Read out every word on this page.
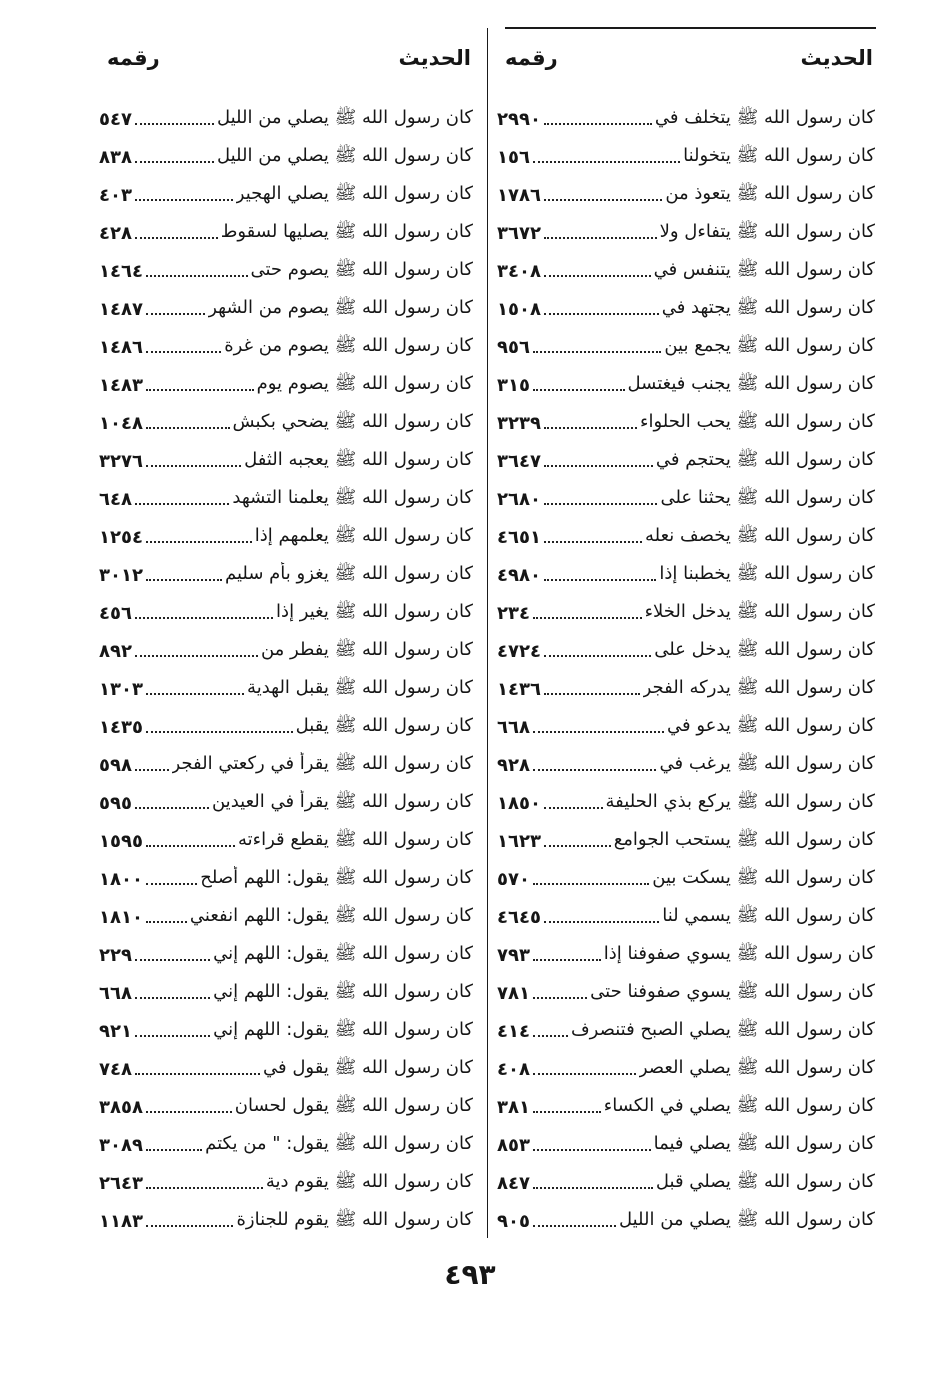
الحديث
رقمه
كان رسول الله ﷺ يتخلف في
٢٩٩٠
كان رسول الله ﷺ يتخولنا
١٥٦
كان رسول الله ﷺ يتعوذ من
١٧٨٦
كان رسول الله ﷺ يتفاءل ولا
٣٦٧٢
كان رسول الله ﷺ يتنفس في
٣٤٠٨
كان رسول الله ﷺ يجتهد في
١٥٠٨
كان رسول الله ﷺ يجمع بين
٩٥٦
كان رسول الله ﷺ يجنب فيغتسل
٣١٥
كان رسول الله ﷺ يحب الحلواء
٣٢٣٩
كان رسول الله ﷺ يحتجم في
٣٦٤٧
كان رسول الله ﷺ يحثنا على
٢٦٨٠
كان رسول الله ﷺ يخصف نعله
٤٦٥١
كان رسول الله ﷺ يخطبنا إذا
٤٩٨٠
كان رسول الله ﷺ يدخل الخلاء
٢٣٤
كان رسول الله ﷺ يدخل على
٤٧٢٤
كان رسول الله ﷺ يدركه الفجر
١٤٣٦
كان رسول الله ﷺ يدعو في
٦٦٨
كان رسول الله ﷺ يرغب في
٩٢٨
كان رسول الله ﷺ يركع بذي الحليفة
١٨٥٠
كان رسول الله ﷺ يستحب الجوامع
١٦٢٣
كان رسول الله ﷺ يسكت بين
٥٧٠
كان رسول الله ﷺ يسمي لنا
٤٦٤٥
كان رسول الله ﷺ يسوي صفوفنا إذا
٧٩٣
كان رسول الله ﷺ يسوي صفوفنا حتى
٧٨١
كان رسول الله ﷺ يصلي الصبح فتنصرف
٤١٤
كان رسول الله ﷺ يصلي العصر
٤٠٨
كان رسول الله ﷺ يصلي في الكساء
٣٨١
كان رسول الله ﷺ يصلي فيما
٨٥٣
كان رسول الله ﷺ يصلي قبل
٨٤٧
كان رسول الله ﷺ يصلي من الليل
٩٠٥
الحديث
رقمه
كان رسول الله ﷺ يصلي من الليل
٥٤٧
كان رسول الله ﷺ يصلي من الليل
٨٣٨
كان رسول الله ﷺ يصلي الهجير
٤٠٣
كان رسول الله ﷺ يصليها لسقوط
٤٢٨
كان رسول الله ﷺ يصوم حتى
١٤٦٤
كان رسول الله ﷺ يصوم من الشهر
١٤٨٧
كان رسول الله ﷺ يصوم من غرة
١٤٨٦
كان رسول الله ﷺ يصوم يوم
١٤٨٣
كان رسول الله ﷺ يضحي بكبش
١٠٤٨
كان رسول الله ﷺ يعجبه الثفل
٣٢٧٦
كان رسول الله ﷺ يعلمنا التشهد
٦٤٨
كان رسول الله ﷺ يعلمهم إذا
١٢٥٤
كان رسول الله ﷺ يغزو بأم سليم
٣٠١٢
كان رسول الله ﷺ يغير إذا
٤٥٦
كان رسول الله ﷺ يفطر من
٨٩٢
كان رسول الله ﷺ يقبل الهدية
١٣٠٣
كان رسول الله ﷺ يقبل
١٤٣٥
كان رسول الله ﷺ يقرأ في ركعتي الفجر
٥٩٨
كان رسول الله ﷺ يقرأ في العيدين
٥٩٥
كان رسول الله ﷺ يقطع قراءته
١٥٩٥
كان رسول الله ﷺ يقول: اللهم أصلح
١٨٠٠
كان رسول الله ﷺ يقول: اللهم انفعني
١٨١٠
كان رسول الله ﷺ يقول: اللهم إني
٢٢٩
كان رسول الله ﷺ يقول: اللهم إني
٦٦٨
كان رسول الله ﷺ يقول: اللهم إني
٩٢١
كان رسول الله ﷺ يقول في
٧٤٨
كان رسول الله ﷺ يقول لحسان
٣٨٥٨
كان رسول الله ﷺ يقول: " من يكتم
٣٠٨٩
كان رسول الله ﷺ يقوم دية
٢٦٤٣
كان رسول الله ﷺ يقوم للجنازة
١١٨٣
٤٩٣
